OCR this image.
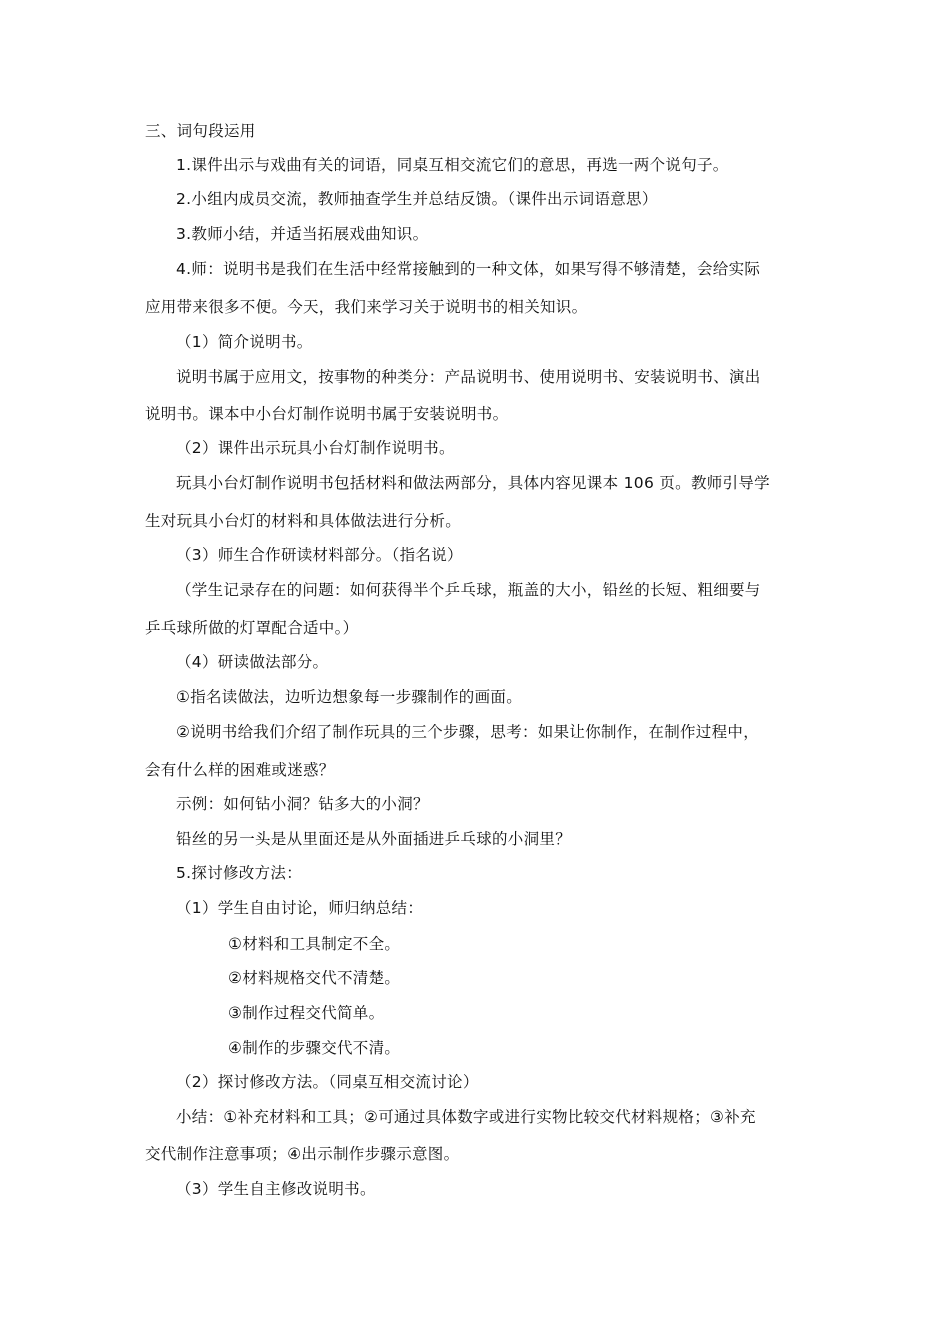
三、词句段运用
1.课件出示与戏曲有关的词语，同桌互相交流它们的意思，再选一两个说句子。
2.小组内成员交流，教师抽查学生并总结反馈。（课件出示词语意思）
3.教师小结，并适当拓展戏曲知识。
4.师：说明书是我们在生活中经常接触到的一种文体，如果写得不够清楚，会给实际
应用带来很多不便。今天，我们来学习关于说明书的相关知识。
（1）简介说明书。
说明书属于应用文，按事物的种类分：产品说明书、使用说明书、安装说明书、演出
说明书。课本中小台灯制作说明书属于安装说明书。
（2）课件出示玩具小台灯制作说明书。
玩具小台灯制作说明书包括材料和做法两部分，具体内容见课本 106 页。教师引导学
生对玩具小台灯的材料和具体做法进行分析。
（3）师生合作研读材料部分。（指名说）
（学生记录存在的问题：如何获得半个乒乓球，瓶盖的大小，铅丝的长短、粗细要与
乒乓球所做的灯罩配合适中。）
（4）研读做法部分。
①指名读做法，边听边想象每一步骤制作的画面。
②说明书给我们介绍了制作玩具的三个步骤，思考：如果让你制作，在制作过程中，
会有什么样的困难或迷惑？
示例：如何钻小洞？钻多大的小洞？
铅丝的另一头是从里面还是从外面插进乒乓球的小洞里？
5.探讨修改方法：
（1）学生自由讨论，师归纳总结：
①材料和工具制定不全。
②材料规格交代不清楚。
③制作过程交代简单。
④制作的步骤交代不清。
（2）探讨修改方法。（同桌互相交流讨论）
小结：①补充材料和工具；②可通过具体数字或进行实物比较交代材料规格；③补充
交代制作注意事项；④出示制作步骤示意图。
（3）学生自主修改说明书。
